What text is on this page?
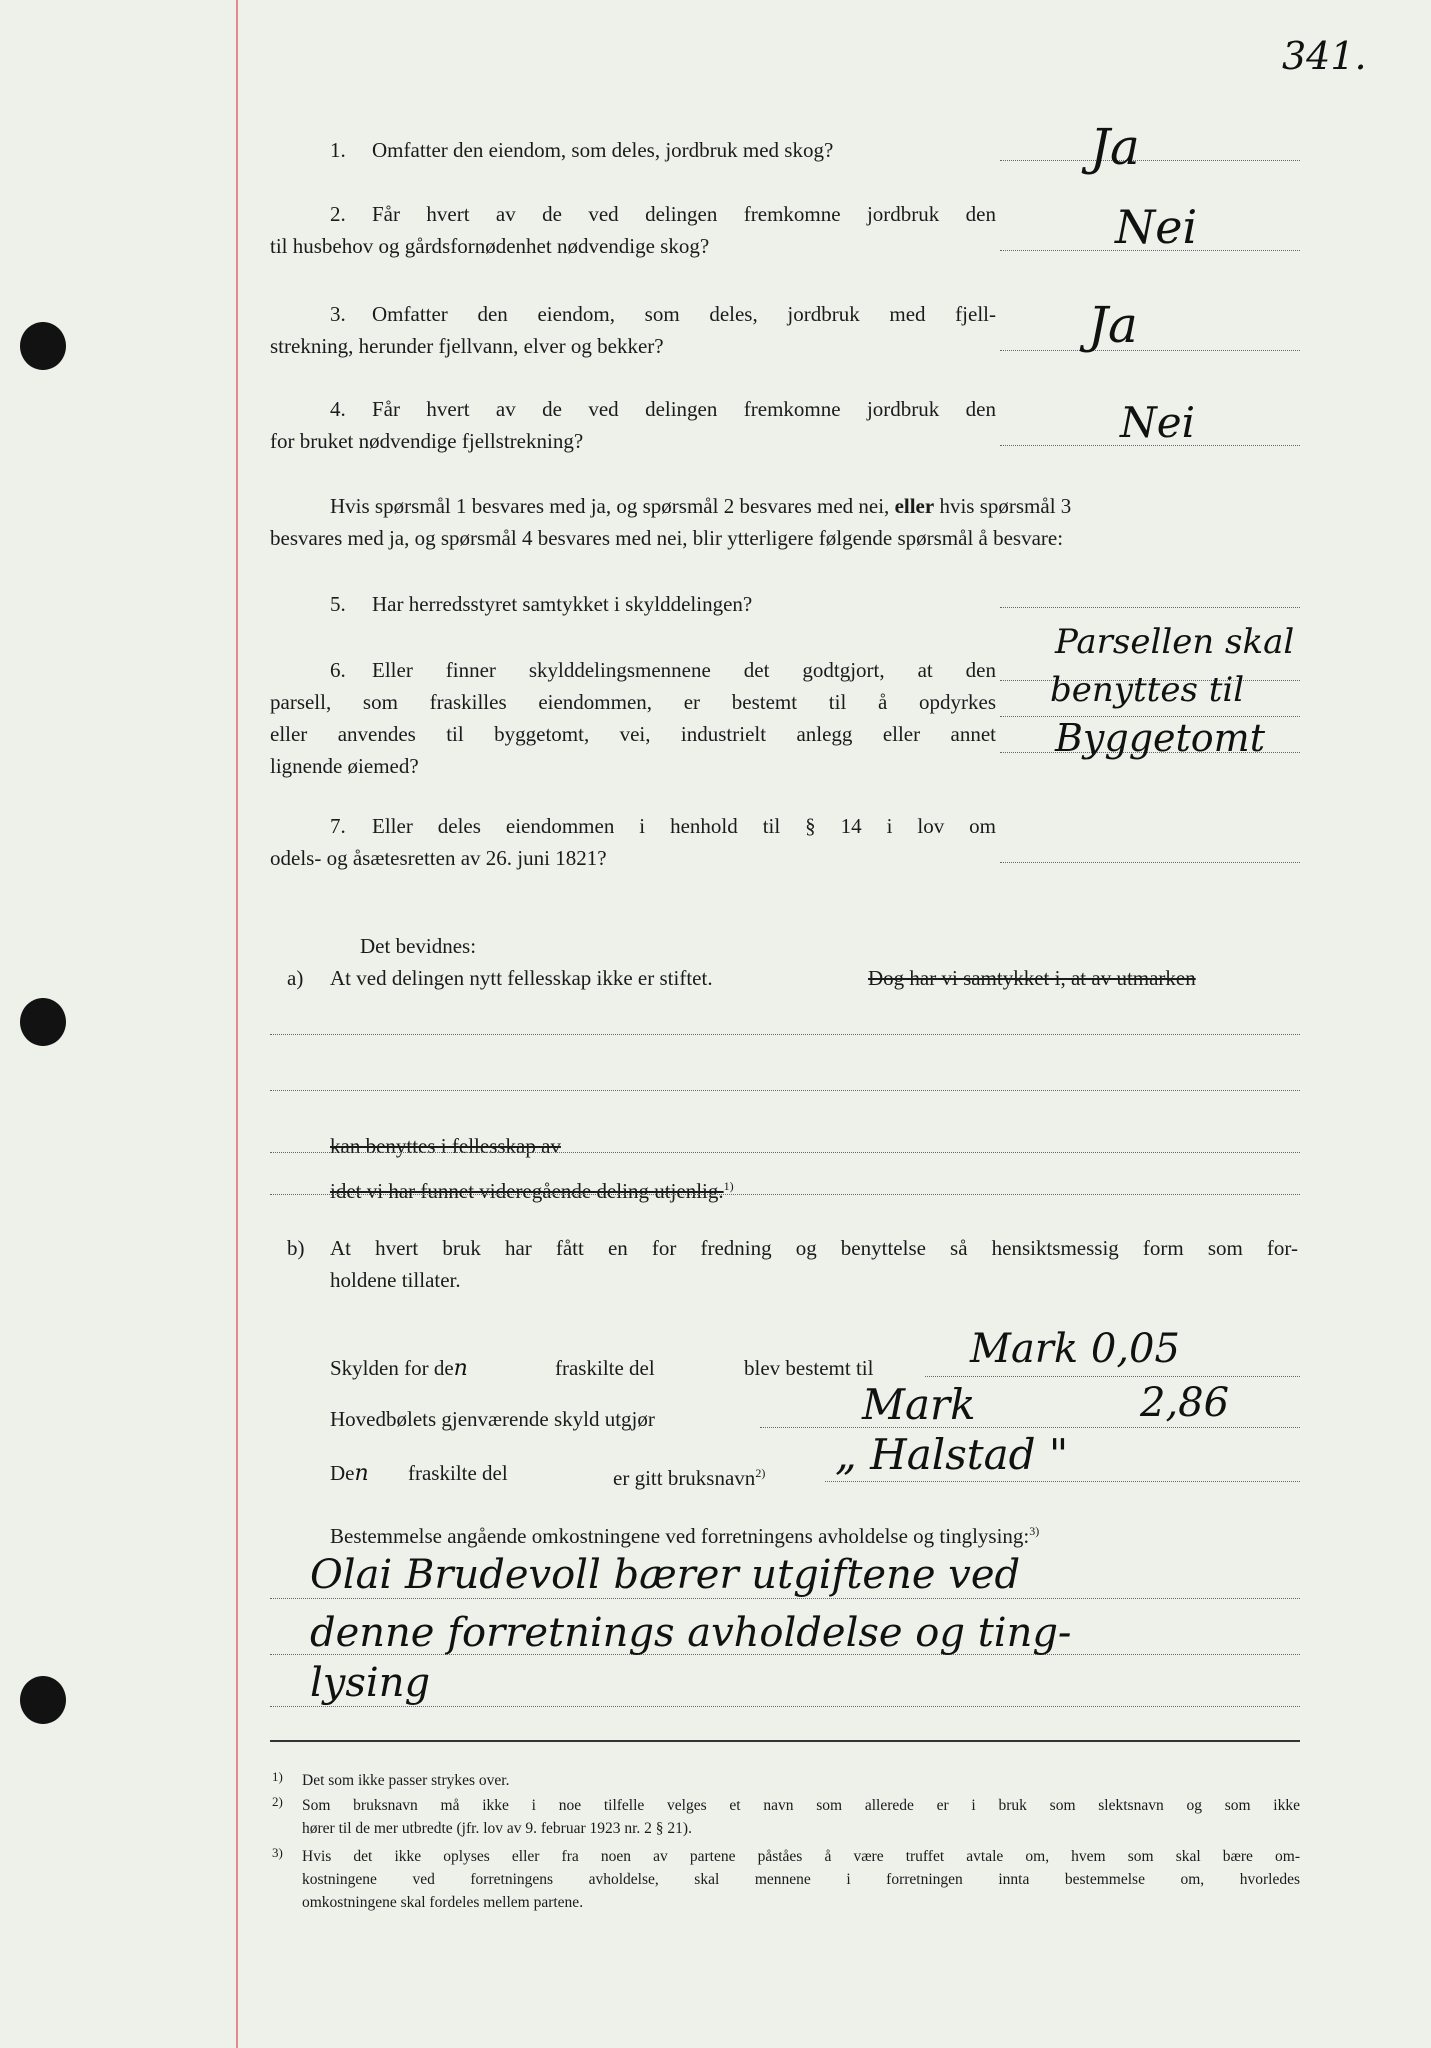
341.
1. Omfatter den eiendom, som deles, jordbruk med skog?	Ja
2. Får hvert av de ved delingen fremkomne jordbruk den
til husbehov og gårdsfornødenhet nødvendige skog?	Nei
3. Omfatter den eiendom, som deles, jordbruk med fjell-
strekning, herunder fjellvann, elver og bekker?	Ja
4. Får hvert av de ved delingen fremkomne jordbruk den
for bruket nødvendige fjellstrekning?	Nei
Hvis spørsmål 1 besvares med ja, og spørsmål 2 besvares med nei, eller hvis spørsmål 3
besvares med ja, og spørsmål 4 besvares med nei, blir ytterligere følgende spørsmål å besvare:
5. Har herredsstyret samtykket i skylddelingen?
6. Eller finner skylddelingsmennene det godtgjort, at den
parsell, som fraskilles eiendommen, er bestemt til å opdyrkes
eller anvendes til byggetomt, vei, industrielt anlegg eller annet
lignende øiemed?
Parsellen skal
benyttes til
Byggetomt
7. Eller deles eiendommen i henhold til § 14 i lov om
odels- og åsætesretten av 26. juni 1821?
Det bevidnes:
a) At ved delingen nytt fellesskap ikke er stiftet.	Dog har vi samtykket i, at av utmarken
kan benyttes i fellesskap av
idet vi har funnet videregående deling utjenlig.$^{1)}$
b) At hvert bruk har fått en for fredning og benyttelse så hensiktsmessig form som for-
holdene tillater.
Skylden for den	fraskilte del	blev bestemt til Mark 0,05
Hovedbølets gjenværende skyld utgjør	Mark	2,86
Den fraskilte del	er gitt bruksnavn$^{2)}$ „ Halstad "
Bestemmelse angående omkostningene ved forretningens avholdelse og tinglysing:$^{3)}$
Olai Brudevoll bærer utgiftene ved
denne forretnings avholdelse og ting-
lysing
1) Det som ikke passer strykes over.
2) Som bruksnavn må ikke i noe tilfelle velges et navn som allerede er i bruk som slektsnavn og som ikke
hører til de mer utbredte (jfr. lov av 9. februar 1923 nr. 2 § 21).
3) Hvis det ikke oplyses eller fra noen av partene påståes å være truffet avtale om, hvem som skal bære om-
kostningene ved forretningens avholdelse, skal mennene i forretningen innta bestemmelse om, hvorledes
omkostningene skal fordeles mellem partene.
